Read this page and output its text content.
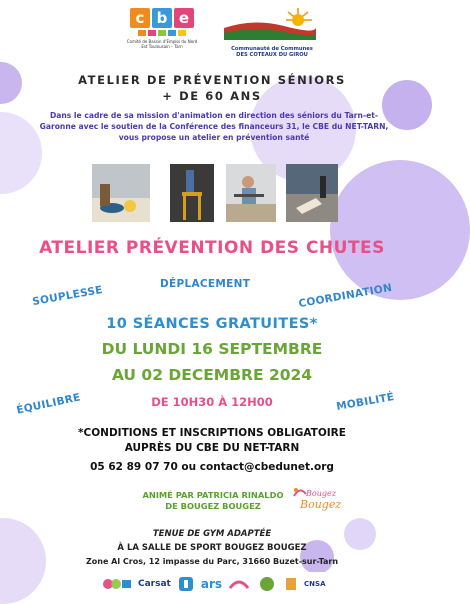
c b e
Comité de Bassin d'Emploi du Nord Est Toulousain – Tarn	Communauté de Communes
DES COTEAUX DU GIROU
ATELIER DE PRÉVENTION SÉNIORS
+ DE 60 ANS
Dans le cadre de sa mission d'animation en direction des séniors du Tarn-et-Garonne avec le soutien de la Conférence des financeurs 31, le CBE du NET-TARN, vous propose un atelier en prévention santé
ATELIER PRÉVENTION DES CHUTES
SOUPLESSE	DÉPLACEMENT	COORDINATION
10 SÉANCES GRATUITES*
DU LUNDI 16 SEPTEMBRE
AU 02 DECEMBRE 2024
ÉQUILIBRE	DE 10H30 À 12H00	MOBILITÉ
*CONDITIONS ET INSCRIPTIONS OBLIGATOIRE
AUPRÈS DU CBE DU NET-TARN
05 62 89 07 70 ou contact@cbedunet.org
ANIMÉ PAR PATRICIA RINALDO
DE BOUGEZ BOUGEZ
Bougez
Bougez
TENUE DE GYM ADAPTÉE
À LA SALLE DE SPORT BOUGEZ BOUGEZ
Zone Al Cros, 12 impasse du Parc, 31660 Buzet-sur-Tarn
Carsat	ars	CNSA
